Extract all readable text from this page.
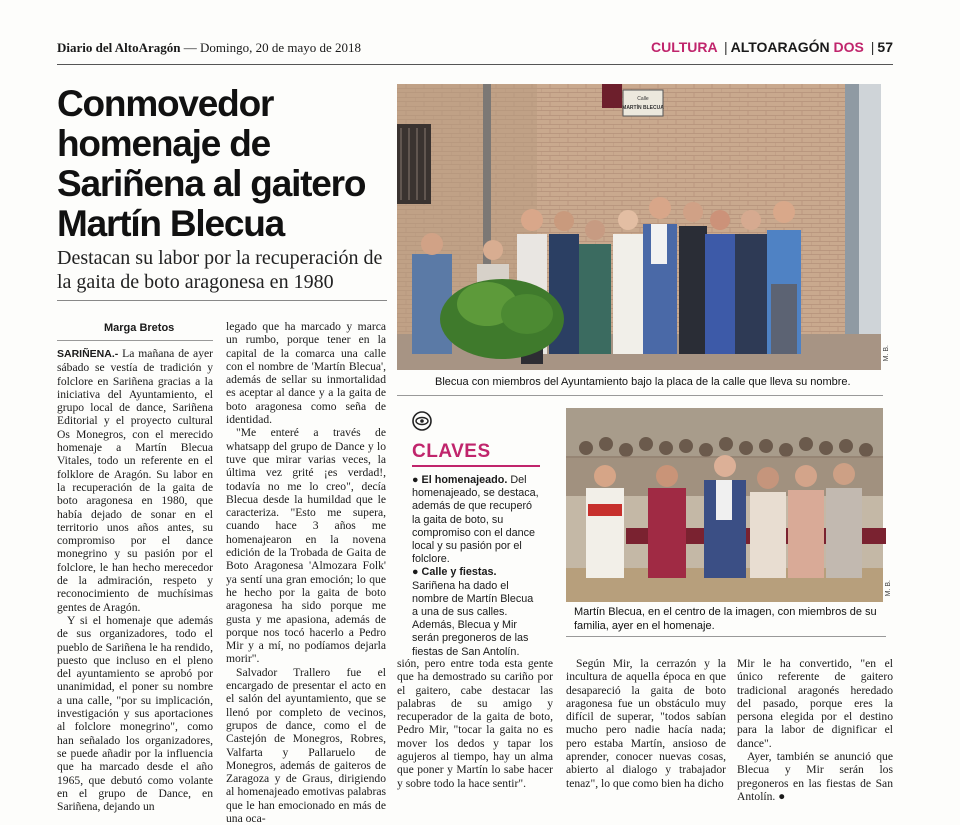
Diario del AltoAragón — Domingo, 20 de mayo de 2018	CULTURA | ALTOARAGÓN DOS | 57
Conmovedor homenaje de Sariñena al gaitero Martín Blecua
Destacan su labor por la recuperación de la gaita de boto aragonesa en 1980
Marga Bretos

SARIÑENA.- La mañana de ayer sábado se vestía de tradición y folclore en Sariñena gracias a la iniciativa del Ayuntamiento, el grupo local de dance, Sariñena Editorial y el proyecto cultural Os Monegros, con el merecido homenaje a Martín Blecua Vitales, todo un referente en el folklore de Aragón. Su labor en la recuperación de la gaita de boto aragonesa en 1980, que había dejado de sonar en el territorio unos años antes, su compromiso por el dance monegrino y su pasión por el folclore, le han hecho merecedor de la admiración, respeto y reconocimiento de muchísimas gentes de Aragón.

Y si el homenaje que además de sus organizadores, todo el pueblo de Sariñena le ha rendido, puesto que incluso en el pleno del ayuntamiento se aprobó por unanimidad, el poner su nombre a una calle, "por su implicación, investigación y sus aportaciones al folclore monegrino", como han señalado los organizadores, se puede añadir por la influencia que ha marcado desde el año 1965, que debutó como volante en el grupo de Dance, en Sariñena, dejando un

legado que ha marcado y marca un rumbo, porque tener en la capital de la comarca una calle con el nombre de 'Martín Blecua', además de sellar su inmortalidad es aceptar al dance y a la gaita de boto aragonesa como seña de identidad.

"Me enteré a través de whatsapp del grupo de Dance y lo tuve que mirar varias veces, la última vez grité ¡es verdad!, todavía no me lo creo", decía Blecua desde la humildad que le caracteriza. "Esto me supera, cuando hace 3 años me homenajearon en la novena edición de la Trobada de Gaita de Boto Aragonesa 'Almozara Folk' ya sentí una gran emoción; lo que he hecho por la gaita de boto aragonesa ha sido porque me gusta y me apasiona, además de porque nos tocó hacerlo a Pedro Mir y a mí, no podíamos dejarla morir".

Salvador Trallero fue el encargado de presentar el acto en el salón del ayuntamiento, que se llenó por completo de vecinos, grupos de dance, como el de Castejón de Monegros, Robres, Valfarta y Pallaruelo de Monegros, además de gaiteros de Zaragoza y de Graus, dirigiendo al homenajeado emotivas palabras que le han emocionado en más de una oca-

sión, pero entre toda esta gente que ha demostrado su cariño por el gaitero, cabe destacar las palabras de su amigo y recuperador de la gaita de boto, Pedro Mir, "tocar la gaita no es mover los dedos y tapar los agujeros al tiempo, hay un alma que poner y Martín lo sabe hacer y sobre todo la hace sentir".

Según Mir, la cerrazón y la incultura de aquella época en que desapareció la gaita de boto aragonesa fue un obstáculo muy difícil de superar, "todos sabían mucho pero nadie hacía nada; pero estaba Martín, ansioso de aprender, conocer nuevas cosas, abierto al dialogo y trabajador tenaz", lo que como bien ha dicho

Mir le ha convertido, "en el único referente de gaitero tradicional aragonés heredado del pasado, porque eres la persona elegida por el destino para la labor de dignificar el dance".

Ayer, también se anunció que Blecua y Mir serán los pregoneros en las fiestas de San Antolín. ●

Calle
MARTÍN BLECUA
M. B.
Blecua con miembros del Ayuntamiento bajo la placa de la calle que lleva su nombre.
CLAVES

● El homenajeado. Del homenajeado, se destaca, además de que recuperó la gaita de boto, su compromiso con el dance local y su pasión por el folclore.

● Calle y fiestas. Sariñena ha dado el nombre de Martín Blecua a una de sus calles. Además, Blecua y Mir serán pregoneros de las fiestas de San Antolín.

M. B.
Martín Blecua, en el centro de la imagen, con miembros de su familia, ayer en el homenaje.
